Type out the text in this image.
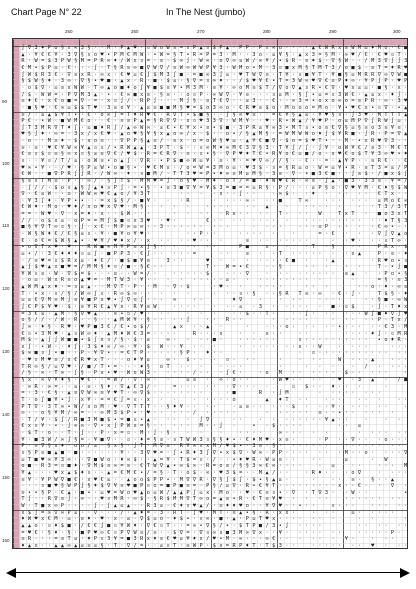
Chart Page N° 22	In The Nest (jumbo)
250	260	270	280	290	300
90
100
110
120
130
140
150
160
∫ ∇ 3 ♦ P o § ¤ ∞ 3 § · · M · P ▲ ♥ · ¤ W o W ≡ = ¤ P ▲ ¤ $ P ▲ · P P · P ¤ ∞ o · · · · ▲ € W R x ≡ W M ☒ ♦ M o · € ■
▲ · ¥ € € ¥ · 3 ∇ § ¤ o ♥ • P M € M W · • W = § T • R = P = 3 · M · · 3 o · ☒ ¥ § · ▲ x 3 = § M · ∞ ♥ / € · € ♥ ¤ T ·
R · W = $ 3 P W § M = P R ∞ ♦ / W x ¤ = · ≡ · $ ∞ ∫ · W ∞ · o ∇ ∞ ☒ W / ∞ ¥ / • $ R · ≡ ♦ $ · ∇ § W · · / M 3 ∇ ∫ ∫ 3
€ M • $ P ☒ · € · · · ∫ · T § R ≡ ∞ ■ ∇ W ∇ / ≡ W ∞ W W P ¥ 3 · W M o • M · 3 ¤ ■ x M § T M T 3 / o ■ $ · ≡ T = ♦ R ♥
∫ W $ R 3 € · ∇ ≡ x R · ∞ x · € ♥ ☒ € ∫ $ M 3 ∫ ■ · = ■ ∞ 3 ∫ ☒ · ♥ T W ∇ ≡ · T ¥ · ¤ ■ ¥ T · ¥ ■ § ☒ M R R ∇ ∞ ∇ W ■
§ $ W § ♦ · 3 ∞ · ∇ § • ♥ ■ · ▲ x · R · ■ · $ ☒ · § ∇ = ¤ ∞ ♦ · · / $ ♥ ¥ € • T = 3 W ∞ ♥ ∇ € ≡ P ♦ ∞ · ¥ P ∫ P · ♥ P
· o $ ∇ · ☒ ≡ x W W · T ∞ ▲ o ■ ♦ o ∫ ¥ ■ $ ≡ ¥ • M 3 M · ≡ ¥ · ∞ o M ≡ $ T / ∇ o ∇ ▲ ¤ R • € ∇ · ♥ x ☒ ☒ · ■ § · x ·
/ $ · W W = · P ∇ M 3 ▲ · • · € ∞ ■ x ≡ · § ≡ · · o ¤ P · ∞ W ∇ · ¥ ≡ · · · ¤ ☒ M · § ∫ • ☒ = ¤ 3 W € · ▲ ☒ x · ♦ ∫ ·
≡ ♦ € · x € o ■ = ∇ · = · x ¤ ∫ / · R P ∫ · · · M ∫ § · ≡ T € ∇ · · ☒ 3 · · € · · ∞ 3 = • o x o ∞ o = ≡ P R · ∞ · 3 ♥
· ■ § ♥ · € ∞ ☒ $ $ T ♥ · 3 ≡ o ¥ · ▲ ☒ ≡ ■ ■ M § ♥ = $ o 3 ∞ o · € R ♥ ≡ $ o · M o o o = M o · ¥ • ♥ € x • ¤ ∇ · • ▲
≡ / · ☒ ▲ $ ¥ T • · € · o ∞ ∫ = T ♦ R ♥ € · R ∇ T • $ ■ § · · ∫ § ∞ ♥ ≡ · · = € ¥ § ▲ ☒ · ¥ ♥ § ¤ · ∫ 3 ♥ · M T T T ▲
P € · • W · ■ W M € o · · € · ≡ ≡ P ▲ = § R ∇ ∇ · x ¤ ♥ 3 3 ∇ · W M ¥ · · ♥ · R • W ▲ / ¥ ♥ P · o ☒ M P ∇ ∫ R W ∫ ☒ ·
∫ T 3 M R ∇ T ♦ ∫ · ☒ ■ ♦ R ∫ / ▲ ∞ W ∞ · ☒ € • € ¥ x • ≡ • $ ■ · 3 P R ☒ ¥ ∞ 3 • M T ¤ • o ≡ € ∇ § ☒ § ≡ o 3 ≡ ¥ ≡ ·
♥ § ∫ ♦ · ∞ = · 3 x / x € ♥ · ▲ o ♥ § ¥ § x ▲ o ∞ / x · $ · · o • / § ▲ M § · = W M W W o ♦ ∫ $ ¥ R ■ · ∫ R · P = ∇ ▲
· o · · M ≡ ♦ · $ · x o ≡ · · ∇ P P § ▲ ≡ / · ≡ x · o = o W § ♥ ☒ · ▲ ¥ € ■ ∇ · $ o = $ ♥ T • · · M · • x R ♥ ∇ 3 · ·
≡ · ≡ · ♥ € ¥ W ∞ ¥ ▲ ¤ ¤ / • R W ▲ ▲ · 3 P T · $ · · ¤ ∞ M ♦ ∞ M € 3 ∇ § 3 · T ¥ ∫ / ∫ · ∫ ¥ · o W ¥ € / ≡ 3 · M € T
€ ≡ ¤ $ ¤ ≡ § ∞ x ¤ § ☒ ≡ ∇ € / ♥ $ · R = € R ∇ · ≡ · ¤ • § · ∇ P ♥ ♦ T € • R ¥ o € ☒ ■ / o · x ♥ € o $ T ¥ 3 ∞ ♥ • ♦
¤ · · ¥ ¤ / T / ☒ · o W ≡ • o ▲ ∫ · ∇ R · • P $ ■ ∞ W ☒ ¥ · ≡ · ¥ · = ♥ ∇ ∞ / / § · · € · · = · ▲ ¥ P · · ≡ R € · · €
♥ ∞ • ¥ · · / ♥ · § P ☒ W • o ■ § • · ♥ € M x · / o = W = 3 M o ☒ · ♥ 3 $ · ¤ = § R ☒ o · W = ☒ ¥ • R · ≡ T 3 = ☒ / P
€ W · · ■ ∇ P R ∫ ∫ R · / W ∞ · ♦ · ¤ ■ M / · T T 3 ♥ = P • ♦ ∞ ≡ M ☒ M § · 3 ≡ · ∇ · • ■ 3 € ■ · · ∫ ≡ $ · / ■ x $ ∫
§ ≡ ¤ T M ≡ · P · · ∞ / · § ∫ T $ · M M ♥ = ∫ · o § ♥ · M ♦ · o T / = ■ · ♦ W ♥ € R · ∞ ≡ · ∫ ▲ · ■ 3 · 3 3 ≡ · ¥ = /
· ∫ / / · $ o ¤ ▲ § ∫ ▲ ♦ ¤ P ∫ · = • § · • ≡ 3 ■ ∇ ¥ = ¥ $ 3 = ■ = = ☒ R § · P / · · · ☒ P § o · ∇ ♥ ¥ M · € ♦ § $ W
∇ · € ☒ W · · ≡ · W W ∞ ♥ € ▲ o / ¥ 3 T	· ·	·	· x · · ∫ · ·	· ∞ $ ·	· ♦	·	· ·	· ·	€ T x · ·
· ¥ 3 ∫ ♦ · ¥ P • • · · = x $ § / · ■ ¥ ·	·	· R	·	· · · ∞ ·	· · ■	T ∞	· · ·	· · ·	☒ M o € ∞
€ W ♦ · M o · ♥ ♦ / x o ♥ x ∇ ♥ · M § ·	·	·	·	· · · ·	· ·	▲	·	· · · ·	·	·	· T 3 / 3 T
= = · W ♥ · ∇ · x = ♦ · x · · $ W · · ·	·	·	· ·	· R x · ·	· ·	T ·	· ·	W	T x T	·	■ o 3 x T
/ / · o $ x ☒ · o P = = M ∫ $ ■ ¤ x 3 ♥	· ♥ ·	€ · ·	· ·	· · · ·	·	· · · · · · · · ·	· · ♦ T § 3
■ § ¥ ∇ T ∞ ¤ § · ∫ · x € · M P ∞ ☒ ∞ · · 3 · · · · · ·	· · ·	·	· · ·	· · · ≡ P	· ·	·	· € ∞ • · ·
· W § W ♦ € / € § ☒ ¤ · ¥ · ■ ¥ o ¥ ♥ ·	· · P · ·	· · · ·	·	·	= · €	·	·	· ∇ ∫ ∇ ▲ o
€ · o € = $ W § ▲ • · ♥ ¥ / ♥ ♦ x / · x	· ·	· · ♥ · ·	·	≡	· ·	· · · · ·	·	· ♥ ·	· · ¤ T ∞ ·
• o ∇ T x ♥ · ♥ · · R W ■ ∞ M ¥ P ≡ x ∫ § ·	·	· ·	· ·	P ■	x ·	·	· T	· §	· ·	P R x · $
☒ • / · 3 € ♦ ♦ ♦ ¤ ☒ ∫ · ■ P P 3 · € ∫ · ·	· · · =	· ·	≡	·	· T	· · · · ·	·	· x ▲	P · ≡ · ♦
· / ≡ ♥ = ¤ $ R x ☒ · ♦ € / · ■ $ ■ ¥ ≡	3 · ·	♥	·	·	·	· · · · € ■	·	· ▲	· R ♥ o • ¤
▲ ∫ $ ♥ ▲ ¤ ■ ♥ = / M M § ♦ ¤ / ■ · § € · ·	T ·	W = • €	· · §	· ·	·	·	·	T · • ∫ ■
¥ W ¤ ≡ · W · ∇ $ = $ · · · ≡ · · W = / ·	· · · · · $	· · · ∇	·	· ·	· · · · · ·	≡ ▲	·	· P o • §
· o ☒ · W x R ≡ o ▲ ♥ = · M T W 3 · ¥ · ·	·	·	· · · · · ☒ ·	·	· · · · · · · ·	·	·	= § · ≡ 3
▲ W M ▲ x ♦ · = ¤ ☒ ▲ · · M ∇ T · P · · M	· ∇ · $	· ♥ ·	·	· · · ·	· ·	·	· · o · ♦ · ∞ ≡
T · • x · ¤ / § / W ∞ ∫ ¤ · R ∞ $ ∞ · ·	·	·	·	·	· · ¤ · §	· · § R	T ≡ · ∞	· € · ∫ ·	T $ § · ♦
☒ ☒ € ∇ M ≡ M ∫ ≡ ¥ ■ P x ♥ • ∫ ∇ ≡ ∫ · · ·	∞	· ·	♦ ∇	·	·	· ·	· · · ·	· · § ■ · ∞ W
∫ € P $ ¥ ♥ · $ · ≡ ¥ R € ▲ ¥ x · R ¥ ≡ W	· · · ·	·	· · ☒	· 3	·	· · · ·	·	■ · ¤ $	· ∫ · T ♦ x
= 3 € ☒ · ▲ M · § ∇ ♥ ▲ · · ≡ • ¤ / ♥ ·	· ·	·	·	·	· · $ · · T ·	· · ∫ ·	· ·	· · · W ∫ ■ ♦ ∇ ∫ ♥
o § / / · / W · R · · § · · ▲ M W ¥ · § · ·	· · ∫	· ·	R · ·	·	· · · ·	·	· ·	· · P · T x /
∫ ∞ · ♦ § · R ♥ · ♥ P ■ 3 € / € • o $ /	▲ x	· · ▲	·	·	· · · o ·	· ·	· · • · · ·	· · € 3 · M
€ ¤ • 3 M ♥ · ▲ ¤ W ∞ ♦ · ▲ M ♦ W € 3 = · · · ·	R · · · x	·	·	x · ·	· ·	· · · · ♦ ∫ · ¤ M R
M $ · ▲ ∫ ∫ W ■ ■ • $ ∫ x ¤ / § · $ · ☒	∞ ·	·	· · ■ ·	· · · · · ·	¤ · · · · · · · · · ·	• o ♦ R ·
x ∫ · • W · · ♦ ∫ · 3 $ ♦ ∞ / ∞ · ¥ · $	W · · ¥	· ·	·	·	· · · ·	· · x · · W	·	· · ·	· · ·
$ ∞ ■ ¤ ∫ • ■ · · P · ¥ ∇ • · = € T P · · · · · § P ·	♦ · ·	·	·	¤ · · · · · · · · · · ·	· ·
· ♥ ¤ M ♥ ≡ / x € R ♥ x T · · · o ♦ ¥ ☒	∞ ·	$ · ·	·	¤ ·	· ·	·	·	· ·	W	· · · ▲	· · ·
T R ∞ § / ☒ ∇ ♥ · / ■ / T • = · · · ♦ §	o T	· ·	·	· · · ·	·	·	·	·	·	/	·	· · ·
/ § · ∞ · T ∞ · ∫ § · P x • ♥ · W o W 3 ·	· · · · / · ·	· ∫ € ·	· o	M	· ·	· · · ·	$ · ·	· · ·	·
§ x · ∞ ∇ ¥ ♦ § · ♥ € · · = W / · ∇ · ∞ ·	·	☒ ≡	·	∞ · o · ·	· W ♥ · ·	· ·	· ♥	· 3	▲	·	/ ■
· ∞ R · ∞ = · · ☒ · ≡ · § ♦ · ∇ ▲ € 3 / ·	= · · ·	· ·	· ∇ · · ·	·	¤	$ · ·	♦ · ·	·	·
= · 3 · € § · ▲ ≡ ∇ W ∞ ≡ ¥ ♥ T · ∞ ∇ $ · · · · · · · ·	· ■	R	· ∫ M	·	· · · ·	· · ·
T · o ∫ ■ ¥ • ∫ · x ¥ · = = € ∫ = ¤ · x	·	·	·	· · · · o	▲	♦ T	· ·	· · ·	· ·	·	· ·
P T ∇ · 3 T ∞ • W / x o M · ♥ · ∇ T T T · · § ♦ ¥ · ·	· ·	· ☒ ≡ · ·	· · · $	·	· · ¥ ·	· · ·	· ·	·
∞ · · o § ¥ M / ∞ = · · ∞ M 3 $ P • · ♥ · ·	· · · /	· · · · ·	·	· · · · ·	≡ · · • · ·	· · ·	·
· T / ¥ · $ ∫ / R ■ 3 M ■ $ • = ■ ¤ • ▲ ·	· ·	·	∫ ∇	· ·	·	·	· · · · · · ¥ ▲ · ·	·	·	·
€ x ¤ ¥ · • · ∫ ∞ ∞ · ∇ • x ∫ P W x = § · ·	· · ·	M · · ∫	·	•	· $ · · · ·	· ·	☒
· $ T · o · · T · ∫ · · P · x = ¤ · M · ∫ · § ·	·	·	·	· · · ·	∞ · · ·	·	·	·	· · ·	· ·
¥ · ■ 3 W / ∞ ∫ § = · ¥ ■ ∇ · · ¤ · ♦ = § ≡ · ¤ T W W 3 ¤ § § ♦ • · € ♦ M ♥ · x ≡ ·	· P	· · ∇ · ·	· o · · ·
P · ≡ ∇ § x ♦ · o o / ☒ · § x § · ∫ T · M ∇ ≡ · R ¥ ∞ ¤ x M / ♥ $ • · 3 ≡ · § ·	· · · · · ·	· · · · · ·	· ·
¤ § P ≡ ■ ▲ ■ · ■ · · · · · · ¥ · · 3 ∇ ♥ = · ∫ • R ♦ 3 ∫ ∇ • x $ ∇ · W ∞ · P P · · · ·	· ·	· M · · o ·	· · · ∇
☒ T ■ ♥ ∞ ¥ 3 ∞ · · ∇ ■ W o · ♦ ∞ $ · · ▲ = ¥ · T $ = ¤ · / · · • ♦ ♥ R · W ☒ ≡ · ·	· ·	☒	·	W
o ■ · R 3 = ¤ ■ ♦ · ∇ M $ ≡ ∞ = ≡ · € T W ∇ ▲ • ∞ $ ∞ · R = o ≡ / § § 3 ∞ € ∞ · · · ·	·	☒	· ·	· · ·	M
¥ ▲ · · · ♥ x ▲ $ ♦ ¤ · · ▲ = € M € • / = § · T · o $ · ∞ · ♥ 3 $ = · · M ▲ / · ·	· R ♦ · ·	· o ∇	·	· · ·
≡ ¥ · ¥ P W ∇ ■ € · x ♥ € ☒ · · ▲ o o $ P P • · M ∇ ∇ R · ∇ § ∫ $ ∫ · $ • § ▲ ☒ ·	·	· ·	≡ ·	§ · · ▲
· · · ¤ ■ ♥ § W P ∫ § ♦ $ ∇ ¥ ≡ ♥ ■ P ¤ o = ■ P ■ ≡ = · P § / ☒ ∇ · R • € ¥ T · · · · · · · · · x · · € ·	·	∇	·
≡ • • § P · € ▲ · ■ • · ☒ ♥ = W o ♥ ▲ o ☒ W / ▲ ▲ P ∫ ☒ x · M o · · ♥ · € ≡ ¤ • · ∇	· T ∇ 3 ·	· W · ·	•
T ∫ · · R ∇ ≡ ∫ · ∞ · · ♥ ¤ M R · ∞ $ · § R $ M M ∇ T ∞ o = ▲ ≡ • R · € T ≡ ¥ ♥	·	·	· ·	· · · · · ·	· ·
W · T ■ x ∞ P · · · · ∫ · ∫ ▲ ☒ ▲ · · R 3 ☒ · € ♦ ¤ ♥ ▲ / · ≡ ♦ ♦ ♥ o · · ¥ ∇ ♥ · · • · ·	¤ · · ·	· · ·	· ·
x $ ∫ = ∞ ∇ ∞ P ☒ · · ∇ · · · / · ▲ ♦ = · 3 · R T · ∫ ♥ · M T · ≡ ▲ • § · R · x x ·	·	· ·	☒ ·	· · · ·
♦ W ♥ x € M · ☒ · ≡ ♦ · ♥ · x · ☒ · ∇ $ ☒ o · ♦ $ • · ¤ ∞ · ■ · ▲ · P ☒ T ♥ x · · · ·	· ·	·	·	·	·
▲ ▲ o · ¤ ♦ $ ■ · / € € ∫ ■ ¤ ¥ W ♦ · ∇ € ¤ T · · = ∞ • ∇ § / • · $ T P ■ / 3 • ∫	· · · ·	· ·	· ·	· ·
= ♥ € · § ♦ · § · ■ P ♥ ∞ € ¤ P ∇ W ≡ / ≡ · · $ ∇ = · ∇ ¤ ∞ x ■ 3 M ∞ ∇ x · · ¥ ·	· · · ·	· ·	· · · · · P ·
≡ R · · · = ≡ T ☒ · ♦ P ¤ 3 ¥ = ■ 3 R x ♦ ≡ € ♥ ☒ ¥ ♦ x / ♥ • M · ∞ · · · ∞ € · ·	·	· ·	·	¥ ·	·	· ·
♦ ▲ x · · ▲ ▲ ∞ ▲ ☒ ≡ ☒ § · T · ∇ / = · · ☒ ¤ T · ≡ W P · $ x = R P ♦ T · T $ 3 · ·	· · · · ·	· ·	♥	·	· ·
